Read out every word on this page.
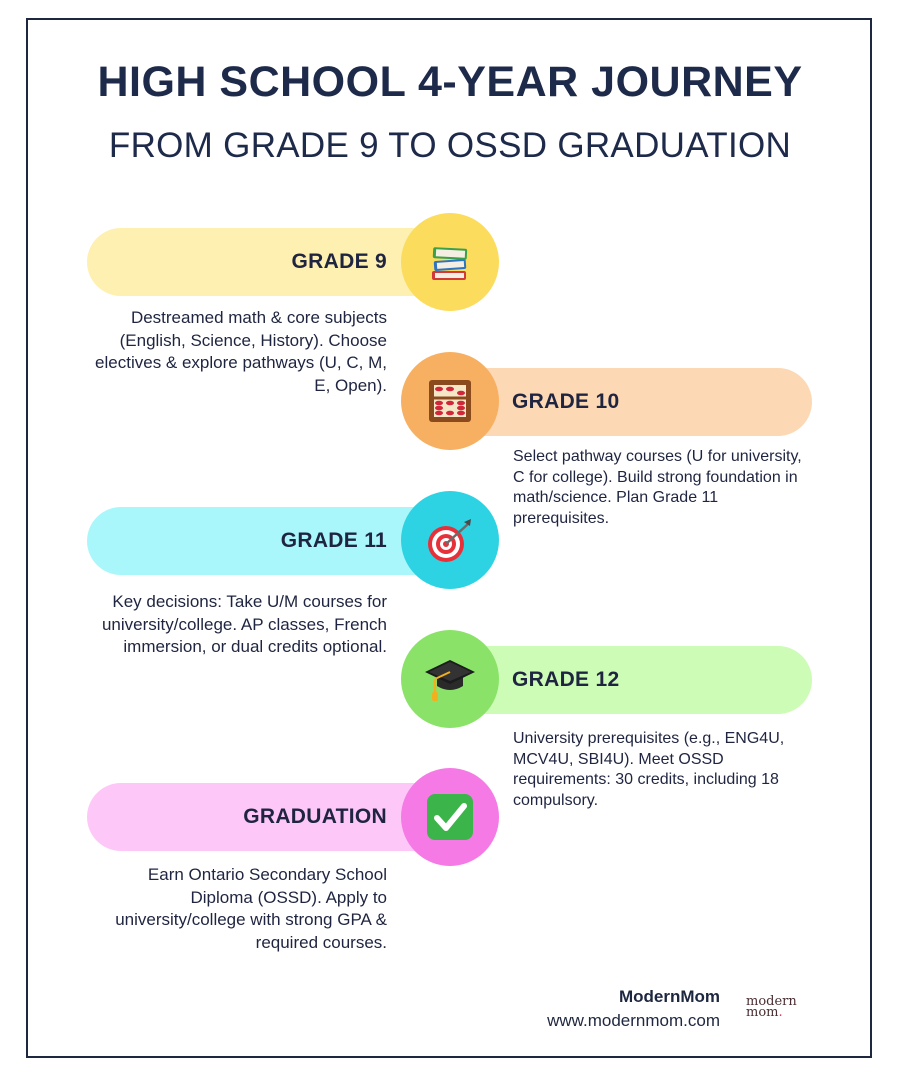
HIGH SCHOOL 4-YEAR JOURNEY
FROM GRADE 9 TO OSSD GRADUATION
GRADE 9
Destreamed math & core subjects (English, Science, History). Choose electives & explore pathways (U, C, M, E, Open).
GRADE 10
Select pathway courses (U for university, C for college). Build strong foundation in math/science. Plan Grade 11 prerequisites.
GRADE 11
Key decisions: Take U/M courses for university/college. AP classes, French immersion, or dual credits optional.
GRADE 12
University prerequisites (e.g., ENG4U, MCV4U, SBI4U). Meet OSSD requirements: 30 credits, including 18 compulsory.
GRADUATION
Earn Ontario Secondary School Diploma (OSSD). Apply to university/college with strong GPA & required courses.
ModernMom
www.modernmom.com
modern
mom.
